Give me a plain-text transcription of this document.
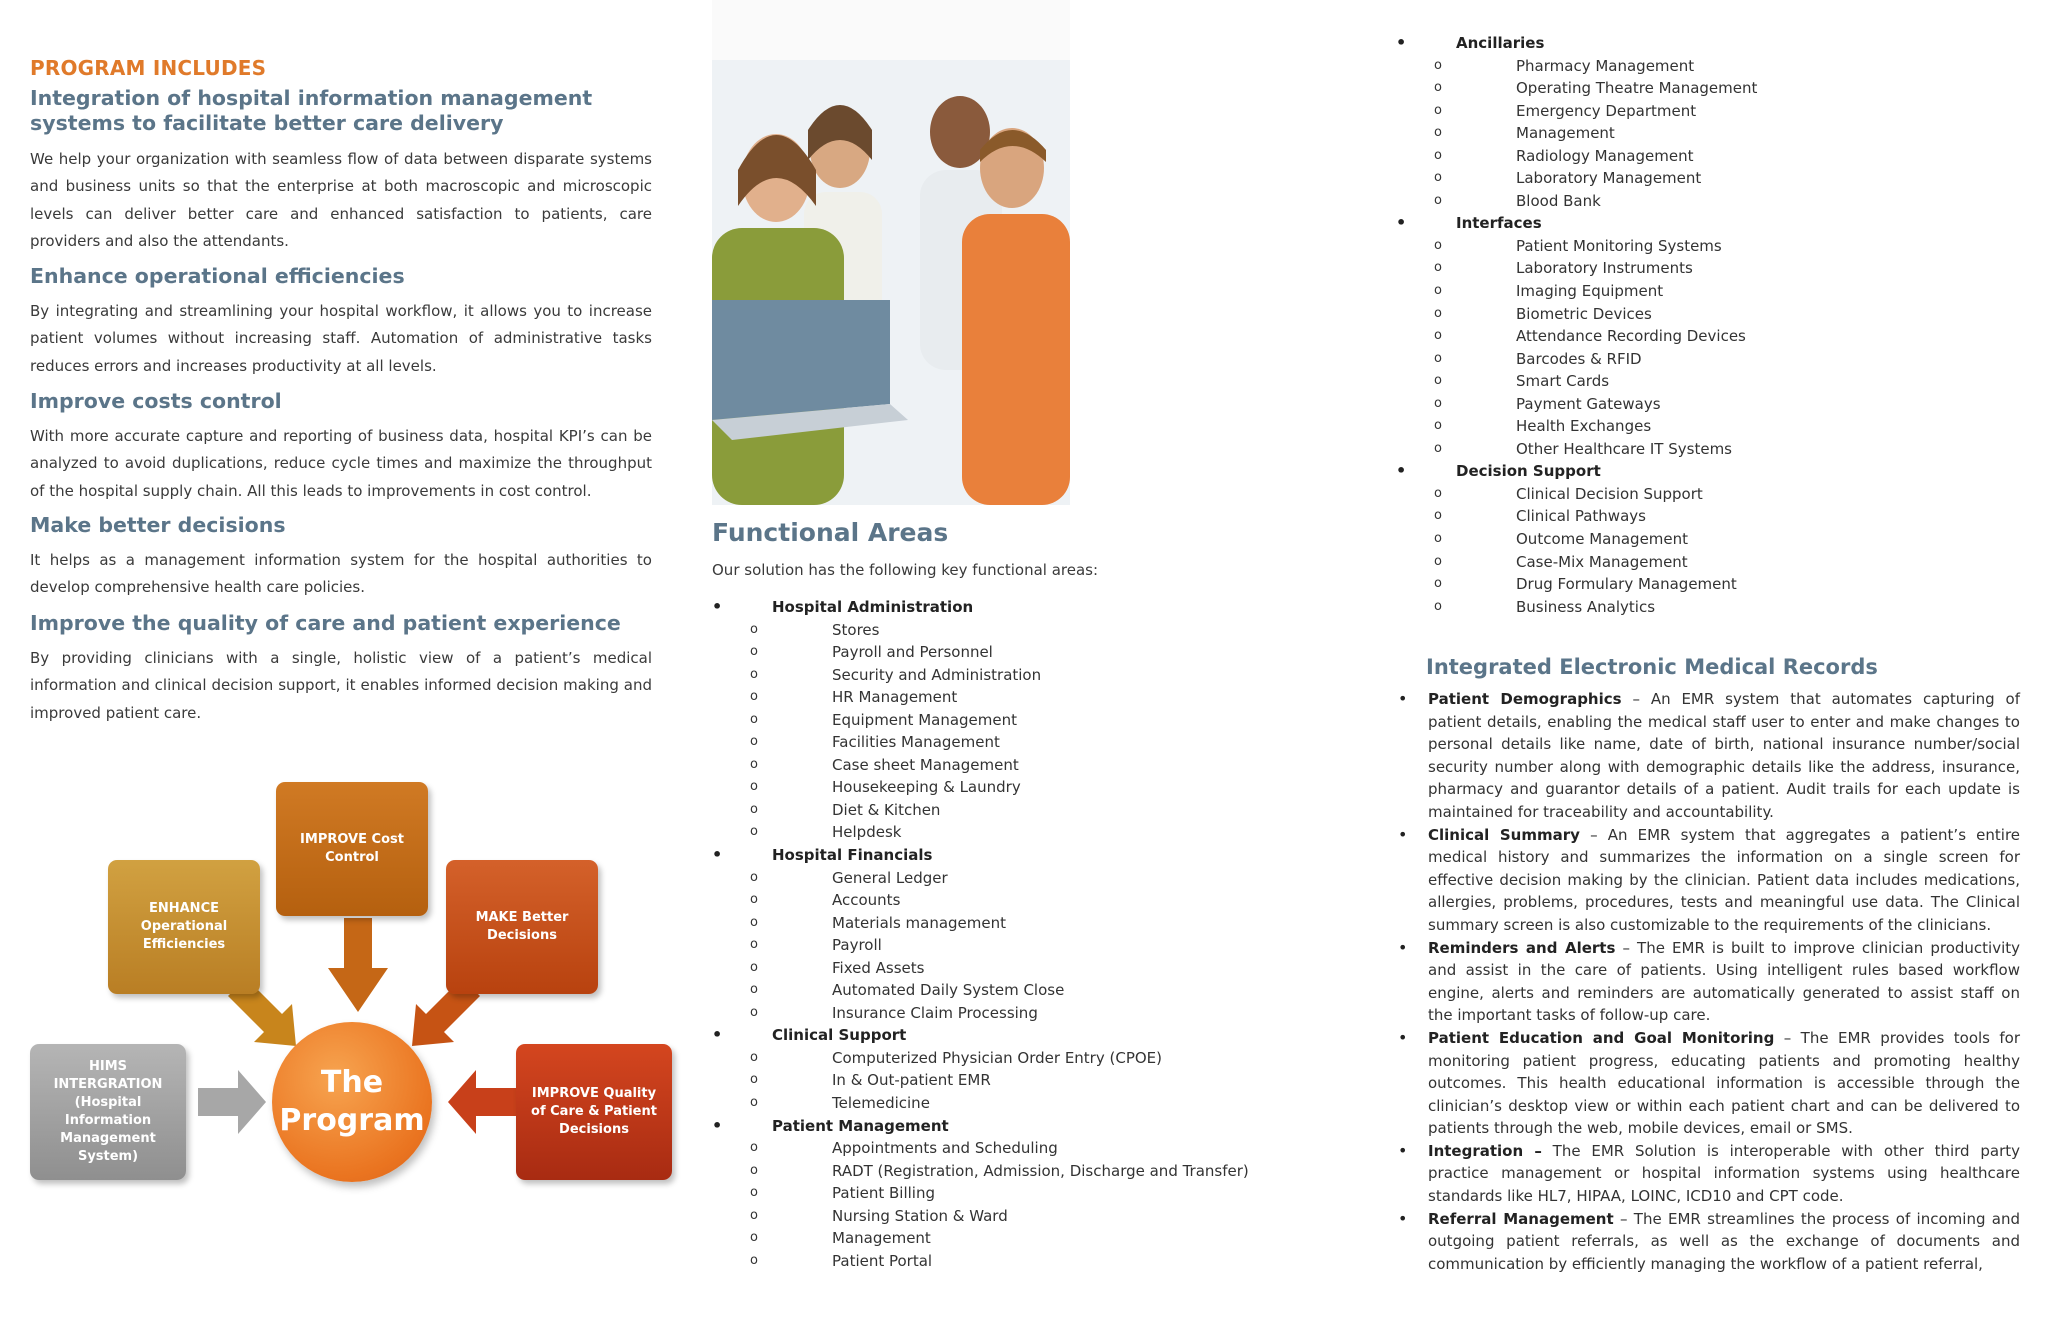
PROGRAM INCLUDES
Integration of hospital information management systems to facilitate better care delivery
We help your organization with seamless flow of data between disparate systems and business units so that the enterprise at both macroscopic and microscopic levels can deliver better care and enhanced satisfaction to patients, care providers and also the attendants.
Enhance operational efficiencies
By integrating and streamlining your hospital workflow, it allows you to increase patient volumes without increasing staff. Automation of administrative tasks reduces errors and increases productivity at all levels.
Improve costs control
With more accurate capture and reporting of business data, hospital KPI’s can be analyzed to avoid duplications, reduce cycle times and maximize the throughput of the hospital supply chain. All this leads to improvements in cost control.
Make better decisions
It helps as a management information system for the hospital authorities to develop comprehensive health care policies.
Improve the quality of care and patient experience
By providing clinicians with a single, holistic view of a patient’s medical information and clinical decision support, it enables informed decision making and improved patient care.
IMPROVE Cost Control
ENHANCE Operational Efficiencies
MAKE Better Decisions
HIMS INTERGRATION (Hospital Information Management System)
IMPROVE Quality of Care & Patient Decisions
The
Program
Functional Areas
Our solution has the following key functional areas:
• Hospital Administration
o Stores
o Payroll and Personnel
o Security and Administration
o HR Management
o Equipment Management
o Facilities Management
o Case sheet Management
o Housekeeping & Laundry
o Diet & Kitchen
o Helpdesk
• Hospital Financials
o General Ledger
o Accounts
o Materials management
o Payroll
o Fixed Assets
o Automated Daily System Close
o Insurance Claim Processing
• Clinical Support
o Computerized Physician Order Entry (CPOE)
o In & Out-patient EMR
o Telemedicine
• Patient Management
o Appointments and Scheduling
o RADT (Registration, Admission, Discharge and Transfer)
o Patient Billing
o Nursing Station & Ward
o Management
o Patient Portal
• Ancillaries
o Pharmacy Management
o Operating Theatre Management
o Emergency Department
o Management
o Radiology Management
o Laboratory Management
o Blood Bank
• Interfaces
o Patient Monitoring Systems
o Laboratory Instruments
o Imaging Equipment
o Biometric Devices
o Attendance Recording Devices
o Barcodes & RFID
o Smart Cards
o Payment Gateways
o Health Exchanges
o Other Healthcare IT Systems
• Decision Support
o Clinical Decision Support
o Clinical Pathways
o Outcome Management
o Case-Mix Management
o Drug Formulary Management
o Business Analytics
Integrated Electronic Medical Records
• Patient Demographics – An EMR system that automates capturing of patient details, enabling the medical staff user to enter and make changes to personal details like name, date of birth, national insurance number/social security number along with demographic details like the address, insurance, pharmacy and guarantor details of a patient. Audit trails for each update is maintained for traceability and accountability.
• Clinical Summary – An EMR system that aggregates a patient’s entire medical history and summarizes the information on a single screen for effective decision making by the clinician. Patient data includes medications, allergies, problems, procedures, tests and meaningful use data. The Clinical summary screen is also customizable to the requirements of the clinicians.
• Reminders and Alerts – The EMR is built to improve clinician productivity and assist in the care of patients. Using intelligent rules based workflow engine, alerts and reminders are automatically generated to assist staff on the important tasks of follow-up care.
• Patient Education and Goal Monitoring – The EMR provides tools for monitoring patient progress, educating patients and promoting healthy outcomes. This health educational information is accessible through the clinician’s desktop view or within each patient chart and can be delivered to patients through the web, mobile devices, email or SMS.
• Integration – The EMR Solution is interoperable with other third party practice management or hospital information systems using healthcare standards like HL7, HIPAA, LOINC, ICD10 and CPT code.
• Referral Management – The EMR streamlines the process of incoming and outgoing patient referrals, as well as the exchange of documents and communication by efficiently managing the workflow of a patient referral,
